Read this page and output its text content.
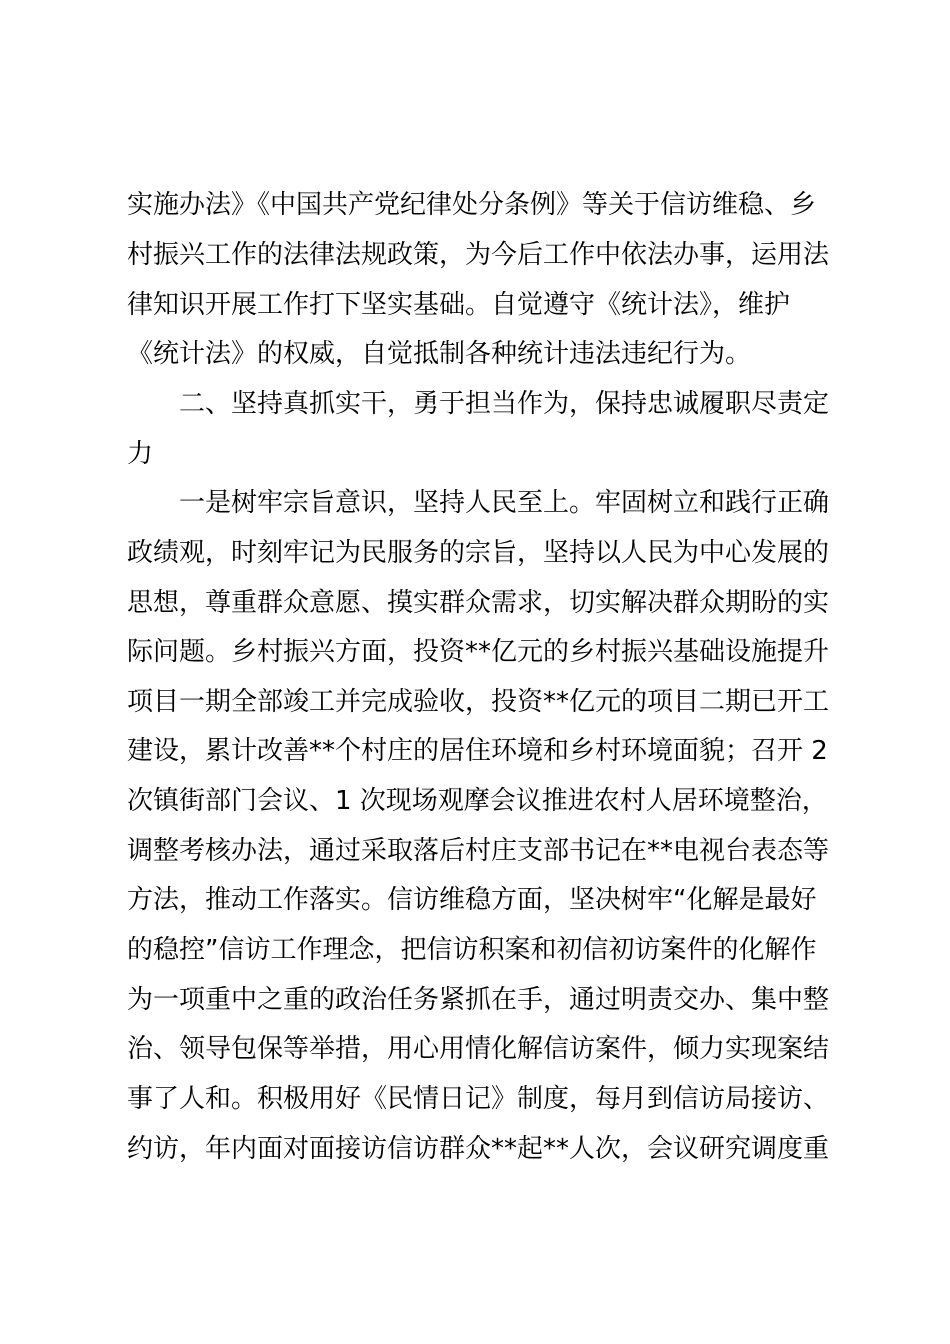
实施办法》《中国共产党纪律处分条例》等关于信访维稳、乡
村振兴工作的法律法规政策，为今后工作中依法办事，运用法
律知识开展工作打下坚实基础。自觉遵守《统计法》，维护
《统计法》的权威，自觉抵制各种统计违法违纪行为。
二、坚持真抓实干，勇于担当作为，保持忠诚履职尽责定
力
一是树牢宗旨意识，坚持人民至上。牢固树立和践行正确
政绩观，时刻牢记为民服务的宗旨，坚持以人民为中心发展的
思想，尊重群众意愿、摸实群众需求，切实解决群众期盼的实
际问题。乡村振兴方面，投资**亿元的乡村振兴基础设施提升
项目一期全部竣工并完成验收，投资**亿元的项目二期已开工
建设，累计改善**个村庄的居住环境和乡村环境面貌；召开 2
次镇街部门会议、1 次现场观摩会议推进农村人居环境整治，
调整考核办法，通过采取落后村庄支部书记在**电视台表态等
方法，推动工作落实。信访维稳方面，坚决树牢“化解是最好
的稳控”信访工作理念，把信访积案和初信初访案件的化解作
为一项重中之重的政治任务紧抓在手，通过明责交办、集中整
治、领导包保等举措，用心用情化解信访案件，倾力实现案结
事了人和。积极用好《民情日记》制度，每月到信访局接访、
约访，年内面对面接访信访群众**起**人次，会议研究调度重
